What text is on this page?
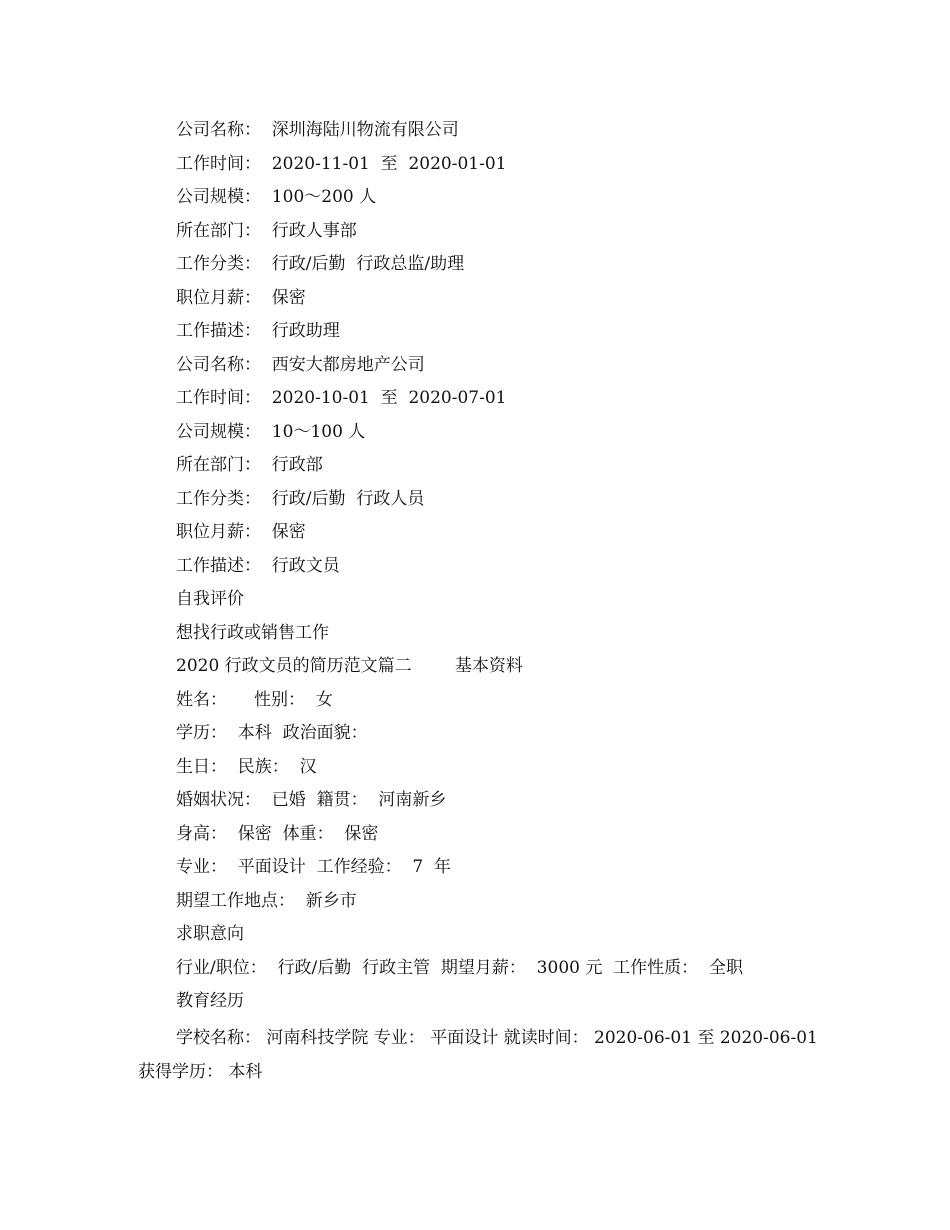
公司名称：  深圳海陆川物流有限公司
工作时间：  2020-11-01  至  2020-01-01
公司规模：  100～200 人
所在部门：  行政人事部
工作分类：  行政/后勤  行政总监/助理
职位月薪：  保密
工作描述：  行政助理
公司名称：  西安大都房地产公司
工作时间：  2020-10-01  至  2020-07-01
公司规模：  10～100 人
所在部门：  行政部
工作分类：  行政/后勤  行政人员
职位月薪：  保密
工作描述：  行政文员
自我评价
想找行政或销售工作
2020 行政文员的简历范文篇二        基本资料
姓名：     性别：  女
学历：  本科  政治面貌：
生日：  民族：  汉
婚姻状况：  已婚  籍贯：  河南新乡
身高：  保密  体重：  保密
专业：  平面设计  工作经验：  7  年
期望工作地点：  新乡市
求职意向
行业/职位：  行政/后勤  行政主管  期望月薪：  3000 元  工作性质：  全职
教育经历
学校名称： 河南科技学院 专业： 平面设计 就读时间： 2020-06-01 至 2020-06-01 获得学历： 本科
